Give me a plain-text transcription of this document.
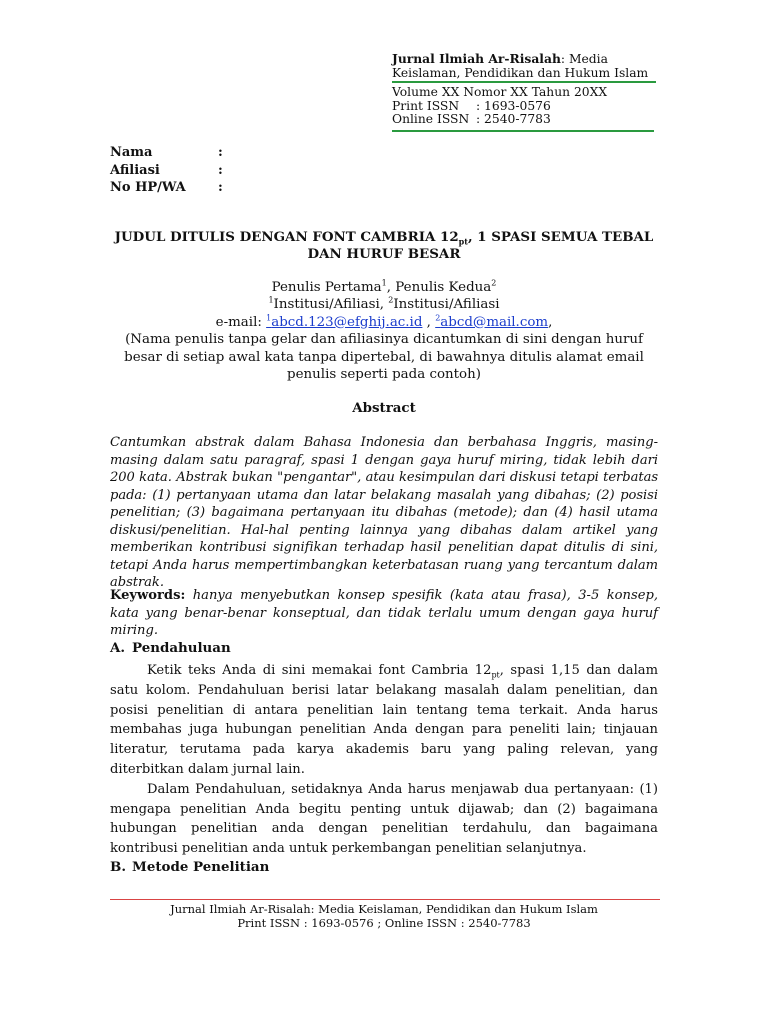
Jurnal Ilmiah Ar-Risalah: Media Keislaman, Pendidikan dan Hukum Islam
Volume XX Nomor XX Tahun 20XX
Print ISSN : 1693-0576
Online ISSN : 2540-7783
Nama	:
Afiliasi	:
No HP/WA	:
JUDUL DITULIS DENGAN FONT CAMBRIA $12_{pt}$, 1 SPASI SEMUA TEBAL DAN HURUF BESAR
Penulis Pertama$^1$, Penulis Kedua$^2$
$^1$Institusi/Afiliasi, $^2$Institusi/Afiliasi
e-mail: $^1$abcd.123@efghij.ac.id , $^2$abcd@mail.com,
(Nama penulis tanpa gelar dan afiliasinya dicantumkan di sini dengan huruf besar di setiap awal kata tanpa dipertebal, di bawahnya ditulis alamat email penulis seperti pada contoh)
Abstract
Cantumkan abstrak dalam Bahasa Indonesia dan berbahasa Inggris, masing-masing dalam satu paragraf, spasi 1 dengan gaya huruf miring, tidak lebih dari 200 kata. Abstrak bukan "pengantar", atau kesimpulan dari diskusi tetapi terbatas pada: (1) pertanyaan utama dan latar belakang masalah yang dibahas; (2) posisi penelitian; (3) bagaimana pertanyaan itu dibahas (metode); dan (4) hasil utama diskusi/penelitian. Hal-hal penting lainnya yang dibahas dalam artikel yang memberikan kontribusi signifikan terhadap hasil penelitian dapat ditulis di sini, tetapi Anda harus mempertimbangkan keterbatasan ruang yang tercantum dalam abstrak.
Keywords: hanya menyebutkan konsep spesifik (kata atau frasa), 3-5 konsep, kata yang benar-benar konseptual, dan tidak terlalu umum dengan gaya huruf miring.
A. Pendahuluan

Ketik teks Anda di sini memakai font Cambria $12_{pt}$, spasi 1,15 dan dalam satu kolom. Pendahuluan berisi latar belakang masalah dalam penelitian, dan posisi penelitian di antara penelitian lain tentang tema terkait. Anda harus membahas juga hubungan penelitian Anda dengan para peneliti lain; tinjauan literatur, terutama pada karya akademis baru yang paling relevan, yang diterbitkan dalam jurnal lain.

Dalam Pendahuluan, setidaknya Anda harus menjawab dua pertanyaan: (1) mengapa penelitian Anda begitu penting untuk dijawab; dan (2) bagaimana hubungan penelitian anda dengan penelitian terdahulu, dan bagaimana kontribusi penelitian anda untuk perkembangan penelitian selanjutnya.

B. Metode Penelitian
Jurnal Ilmiah Ar-Risalah: Media Keislaman, Pendidikan dan Hukum Islam
Print ISSN : 1693-0576 ; Online ISSN : 2540-7783
